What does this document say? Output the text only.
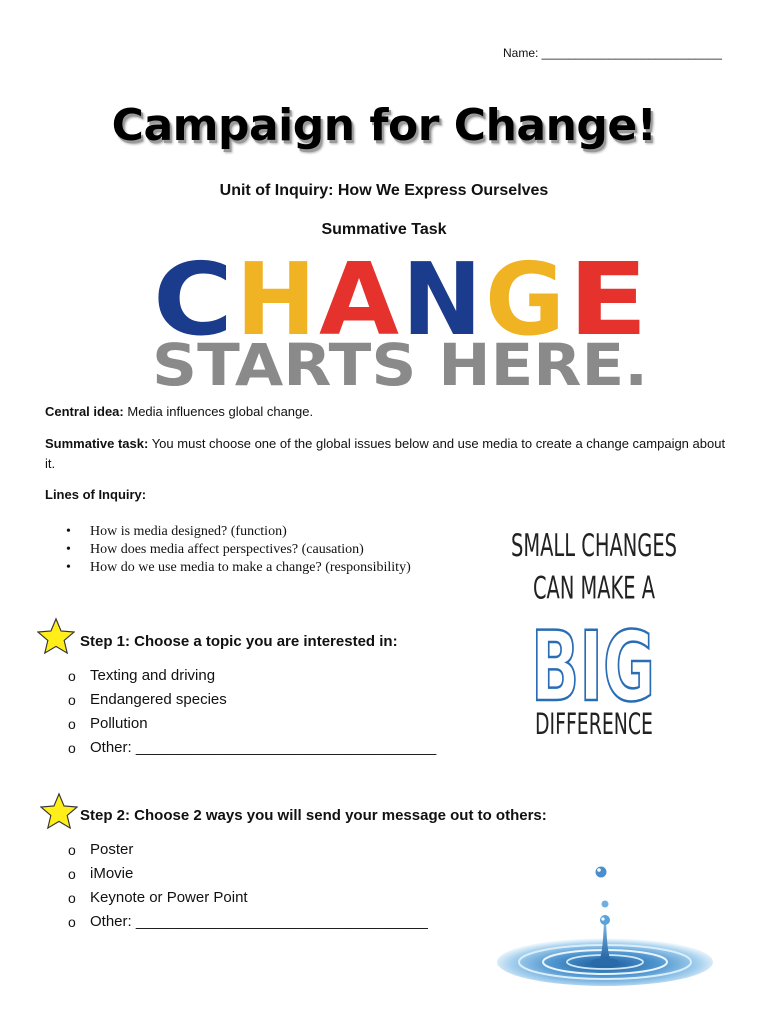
Name: ___________________________
Campaign for Change!
Unit of Inquiry: How We Express Ourselves
Summative Task
C H A N G E
STARTS HERE.
Central idea: Media influences global change.
Summative task: You must choose one of the global issues below and use media to create a change campaign about it.
Lines of Inquiry:
• How is media designed? (function)
• How does media affect perspectives? (causation)
• How do we use media to make a change? (responsibility)
SMALL CHANGES
CAN MAKE A
BIG
DIFFERENCE
Step 1: Choose a topic you are interested in:
o Texting and driving
o Endangered species
o Pollution
o Other: ____________________________________
Step 2: Choose 2 ways you will send your message out to others:
o Poster
o iMovie
o Keynote or Power Point
o Other: ___________________________________
